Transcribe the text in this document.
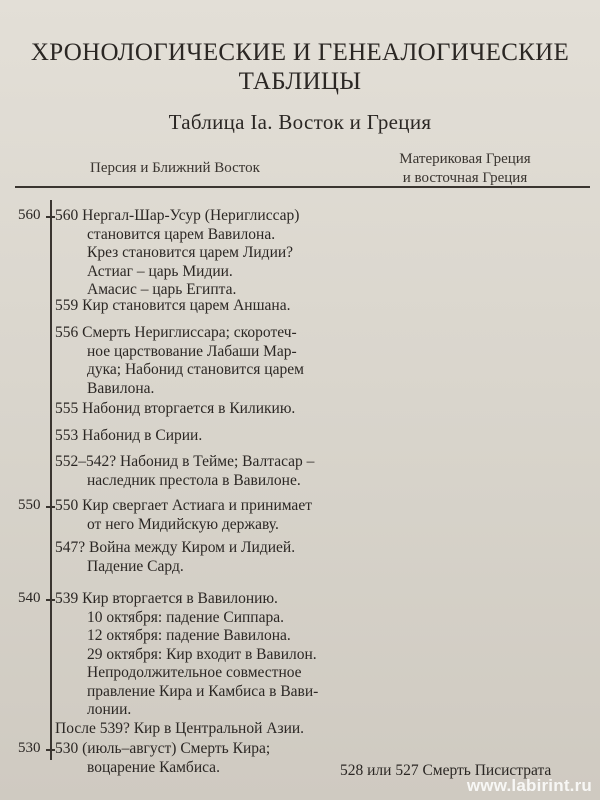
ХРОНОЛОГИЧЕСКИЕ И ГЕНЕАЛОГИЧЕСКИЕ
ТАБЛИЦЫ
Таблица Iа. Восток и Греция
Персия и Ближний Восток
Материковая Греция
и восточная Греция
560
550
540
530
560 Нергал-Шар-Усур (Нериглиссар)
становится царем Вавилона.
Крез становится царем Лидии?
Астиаг – царь Мидии.
Амасис – царь Египта.
559 Кир становится царем Аншана.
556 Смерть Нериглиссара; скоротеч-
ное царствование Лабаши Мар-
дука; Набонид становится царем
Вавилона.
555 Набонид вторгается в Киликию.
553 Набонид в Сирии.
552–542? Набонид в Тейме; Валтасар –
наследник престола в Вавилоне.
550 Кир свергает Астиага и принимает
от него Мидийскую державу.
547? Война между Киром и Лидией.
Падение Сард.
539 Кир вторгается в Вавилонию.
10 октября: падение Сиппара.
12 октября: падение Вавилона.
29 октября: Кир входит в Вавилон.
Непродолжительное совместное
правление Кира и Камбиса в Вави-
лонии.
После 539? Кир в Центральной Азии.
530 (июль–август) Смерть Кира;
воцарение Камбиса.	528 или 527 Смерть Писистрата
www.labirint.ru
